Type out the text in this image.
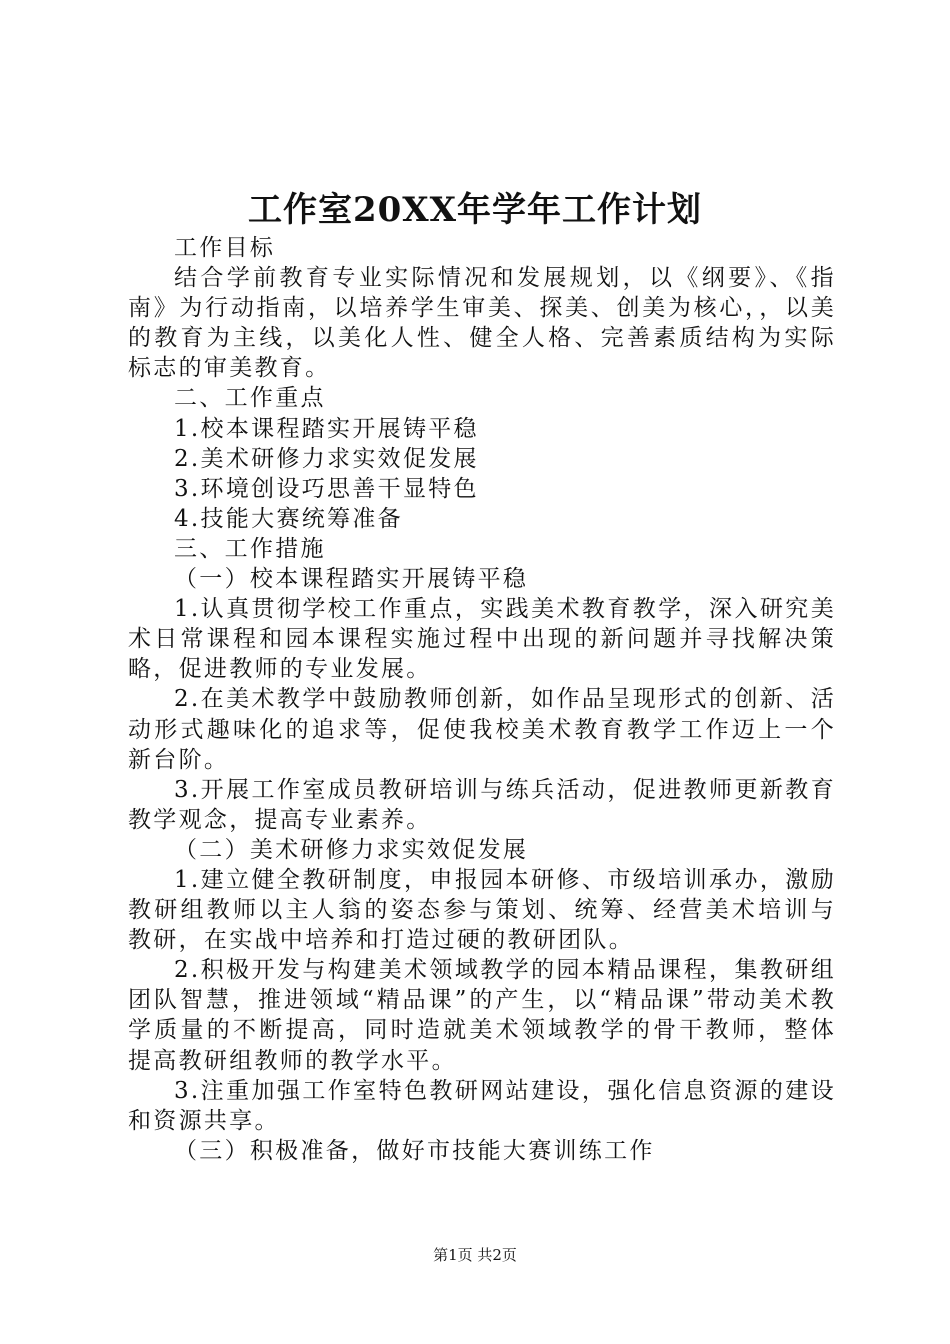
工作室20XX年学年工作计划

工作目标

结合学前教育专业实际情况和发展规划，以《纲要》、《指南》为行动指南，以培养学生审美、探美、创美为核心，，以美的教育为主线，以美化人性、健全人格、完善素质结构为实际标志的审美教育。

二、工作重点

1.校本课程踏实开展铸平稳

2.美术研修力求实效促发展

3.环境创设巧思善干显特色

4.技能大赛统筹准备

三、工作措施

（一）校本课程踏实开展铸平稳

1.认真贯彻学校工作重点，实践美术教育教学，深入研究美术日常课程和园本课程实施过程中出现的新问题并寻找解决策略，促进教师的专业发展。

2.在美术教学中鼓励教师创新，如作品呈现形式的创新、活动形式趣味化的追求等，促使我校美术教育教学工作迈上一个新台阶。

3.开展工作室成员教研培训与练兵活动，促进教师更新教育教学观念，提高专业素养。

（二）美术研修力求实效促发展

1.建立健全教研制度，申报园本研修、市级培训承办，激励教研组教师以主人翁的姿态参与策划、统筹、经营美术培训与教研，在实战中培养和打造过硬的教研团队。

2.积极开发与构建美术领域教学的园本精品课程，集教研组团队智慧，推进领域“精品课”的产生，以“精品课”带动美术教学质量的不断提高，同时造就美术领域教学的骨干教师，整体提高教研组教师的教学水平。

3.注重加强工作室特色教研网站建设，强化信息资源的建设和资源共享。

（三）积极准备，做好市技能大赛训练工作

第1页 共2页
